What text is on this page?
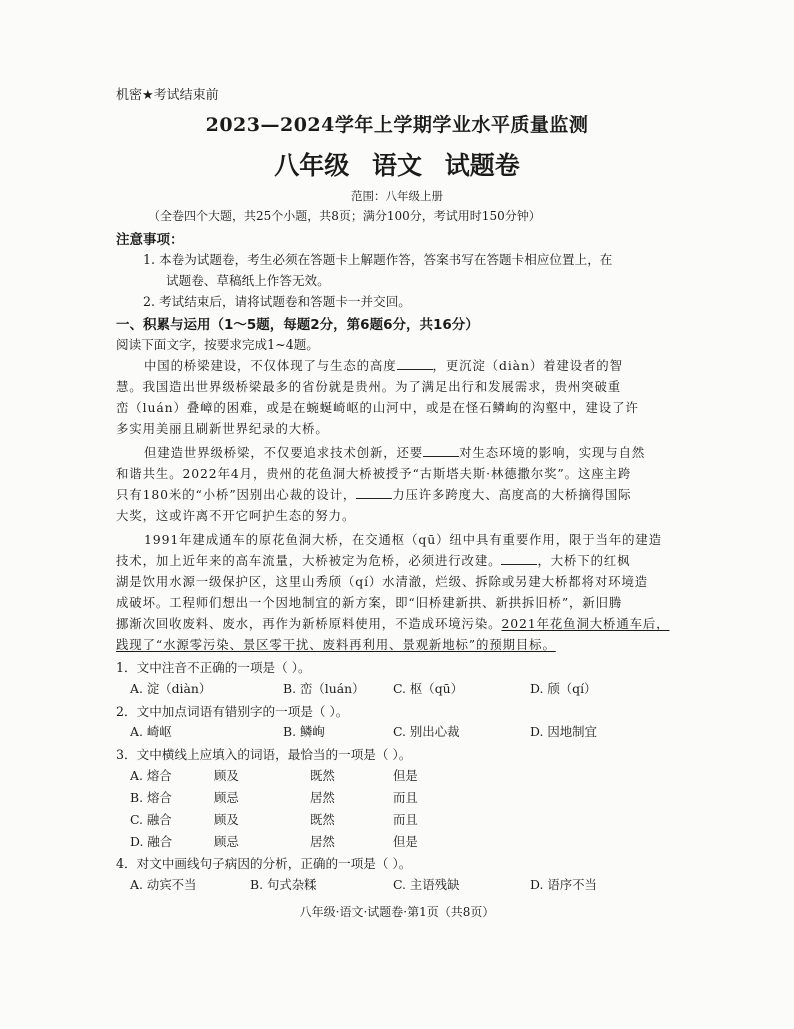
机密★考试结束前
2023—2024学年上学期学业水平质量监测
八年级 语文 试题卷
范围：八年级上册
（全卷四个大题，共25个小题，共8页；满分100分，考试用时150分钟）
注意事项：
1. 本卷为试题卷，考生必须在答题卡上解题作答，答案书写在答题卡相应位置上，在
试题卷、草稿纸上作答无效。
2. 考试结束后，请将试题卷和答题卡一并交回。
一、积累与运用（1～5题，每题2分，第6题6分，共16分）
阅读下面文字，按要求完成1~4题。
中国的桥梁建设，不仅体现了与生态的高度	，更沉淀（diàn）着建设者的智
慧。我国造出世界级桥梁最多的省份就是贵州。为了满足出行和发展需求，贵州突破重
峦（luán）叠嶂的困难，或是在蜿蜒崎岖的山河中，或是在怪石鳞峋的沟壑中，建设了许
多实用美丽且刷新世界纪录的大桥。
但建造世界级桥梁，不仅要追求技术创新，还要	对生态环境的影响，实现与自然
和谐共生。2022年4月，贵州的花鱼洞大桥被授予“古斯塔夫斯·林德撒尔奖”。这座主跨
只有180米的“小桥”因别出心裁的设计，	力压许多跨度大、高度高的大桥摘得国际
大奖，这或许离不开它呵护生态的努力。
1991年建成通车的原花鱼洞大桥，在交通枢（qū）纽中具有重要作用，限于当年的建造
技术，加上近年来的高车流量，大桥被定为危桥，必须进行改建。	，大桥下的红枫
湖是饮用水源一级保护区，这里山秀颀（qí）水清澈，烂级、拆除或另建大桥都将对环境造
成破坏。工程师们想出一个因地制宜的新方案，即“旧桥建新拱、新拱拆旧桥”，新旧腾
挪渐次回收废料、废水，再作为新桥原料使用，不造成环境污染。2021年花鱼洞大桥通车后，
践现了“水源零污染、景区零干扰、废料再利用、景观新地标”的预期目标。
1．文中注音不正确的一项是（ ）。
A. 淀（diàn）	B. 峦（luán） C. 枢（qū）	D. 颀（qí）
2．文中加点词语有错别字的一项是（ ）。
A. 崎岖	B. 鳞峋	C. 别出心裁	D. 因地制宜
3．文中横线上应填入的词语，最恰当的一项是（ ）。
A. 熔合	顾及	既然	但是
B. 熔合	顾忌	居然	而且
C. 融合	顾及	既然	而且
D. 融合	顾忌	居然	但是
4．对文中画线句子病因的分析，正确的一项是（ ）。
A. 动宾不当	B. 句式杂糅	C. 主语残缺	D. 语序不当
八年级·语文·试题卷·第1页（共8页）
